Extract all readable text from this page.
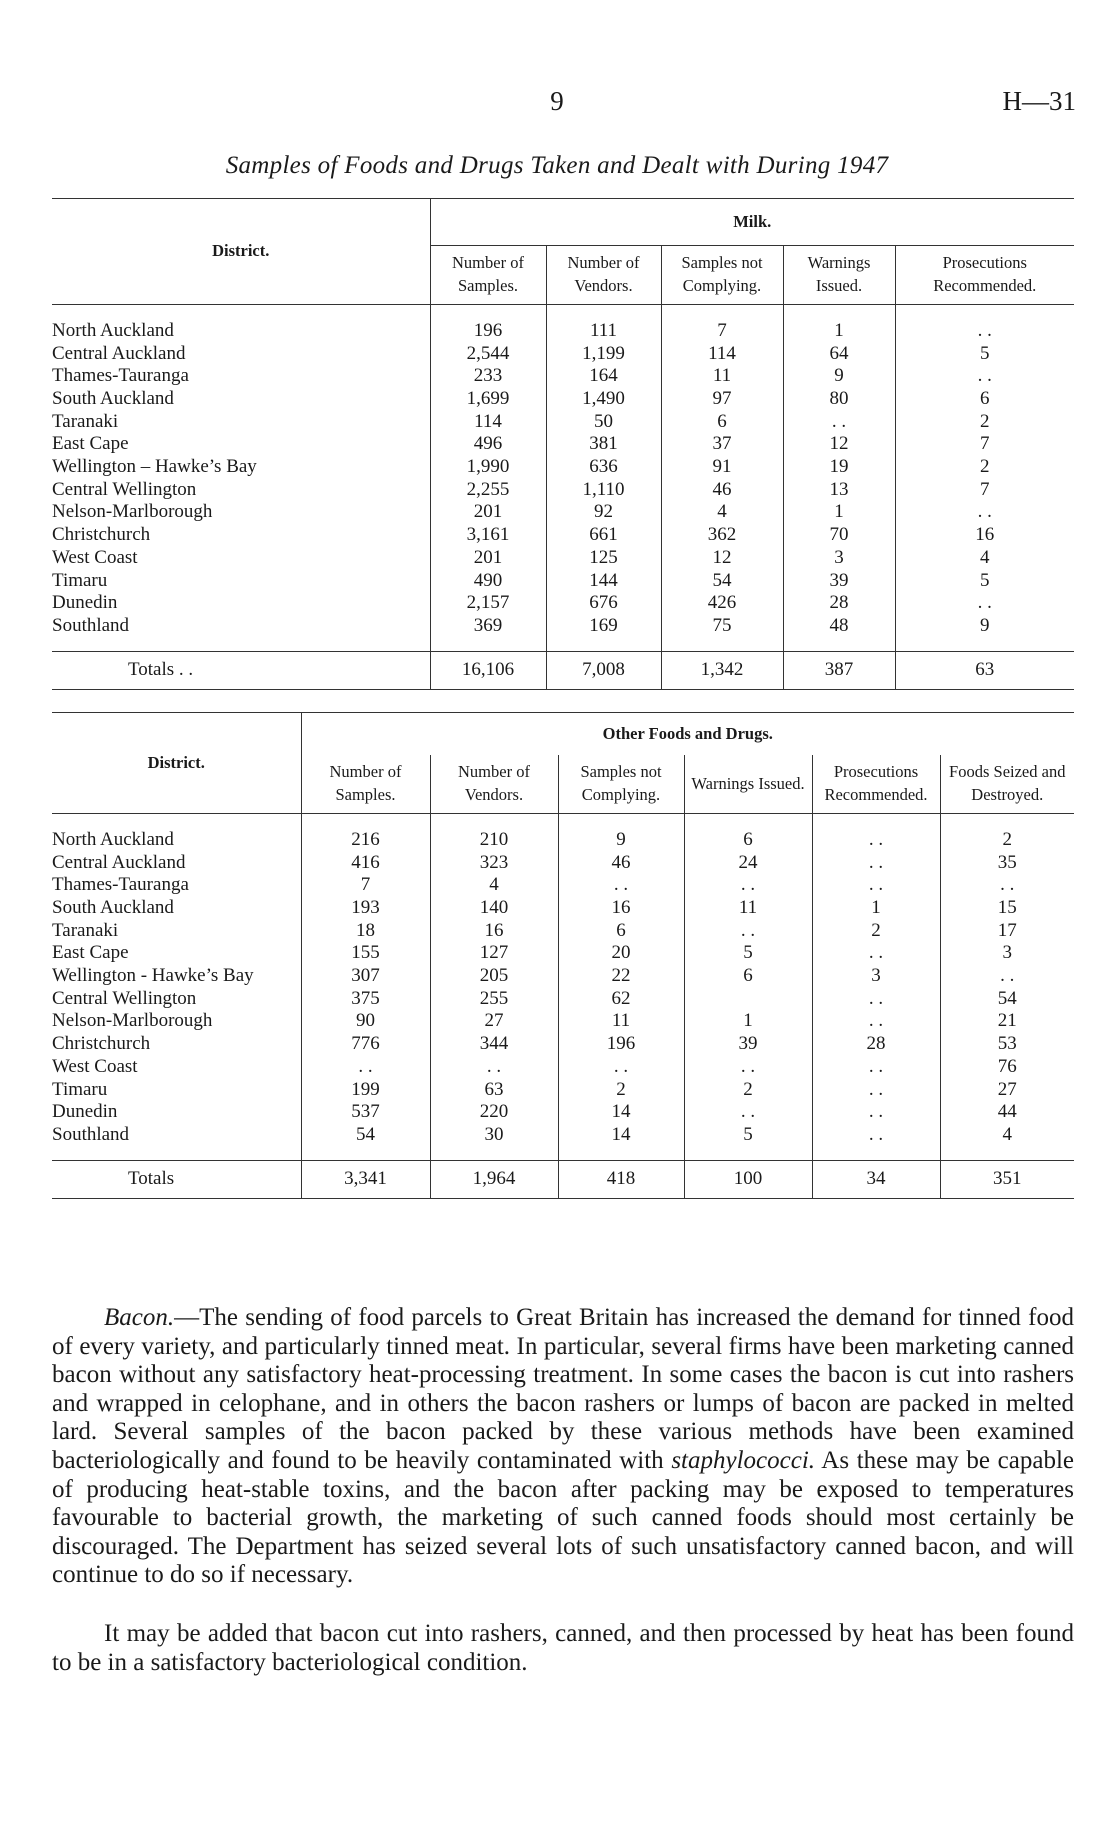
9	H—31
Samples of Foods and Drugs Taken and Dealt with During 1947
District.	Milk.				
	Number of Samples.	Number of Vendors.	Samples not Complying.	Warnings Issued.	Prosecutions Recommended.
North Auckland	196	111	7	1	. .
Central Auckland	2,544	1,199	114	64	5
Thames-Tauranga	233	164	11	9	. .
South Auckland	1,699	1,490	97	80	6
Taranaki	114	50	6	. .	2
East Cape	496	381	37	12	7
Wellington – Hawke’s Bay	1,990	636	91	19	2
Central Wellington	2,255	1,110	46	13	7
Nelson-Marlborough	201	92	4	1	. .
Christchurch	3,161	661	362	70	16
West Coast	201	125	12	3	4
Timaru	490	144	54	39	5
Dunedin	2,157	676	426	28	. .
Southland	369	169	75	48	9

Totals . .	16,106	7,008	1,342	387	63
District.	Other Foods and Drugs.					
	Number of Samples.	Number of Vendors.	Samples not Complying.	Warnings Issued.	Prosecutions Recommended.	Foods Seized and Destroyed.
North Auckland	216	210	9	6	. .	2
Central Auckland	416	323	46	24	. .	35
Thames-Tauranga	7	4	. .	. .	. .	. .
South Auckland	193	140	16	11	1	15
Taranaki	18	16	6	. .	2	17
East Cape	155	127	20	5	. .	3
Wellington - Hawke’s Bay	307	205	22	6	3	. .
Central Wellington	375	255	62		. .	54
Nelson-Marlborough	90	27	11	1	. .	21
Christchurch	776	344	196	39	28	53
West Coast	. .	. .	. .	. .	. .	76
Timaru	199	63	2	2	. .	27
Dunedin	537	220	14	. .	. .	44
Southland	54	30	14	5	. .	4

Totals	3,341	1,964	418	100	34	351

Bacon.—The sending of food parcels to Great Britain has increased the demand for tinned food of every variety, and particularly tinned meat. In particular, several firms have been marketing canned bacon without any satisfactory heat-processing treatment. In some cases the bacon is cut into rashers and wrapped in celophane, and in others the bacon rashers or lumps of bacon are packed in melted lard. Several samples of the bacon packed by these various methods have been examined bacteriologically and found to be heavily contaminated with staphylococci. As these may be capable of producing heat-stable toxins, and the bacon after packing may be exposed to temperatures favourable to bacterial growth, the marketing of such canned foods should most certainly be discouraged. The Department has seized several lots of such unsatisfactory canned bacon, and will continue to do so if necessary.

It may be added that bacon cut into rashers, canned, and then processed by heat has been found to be in a satisfactory bacteriological condition.
